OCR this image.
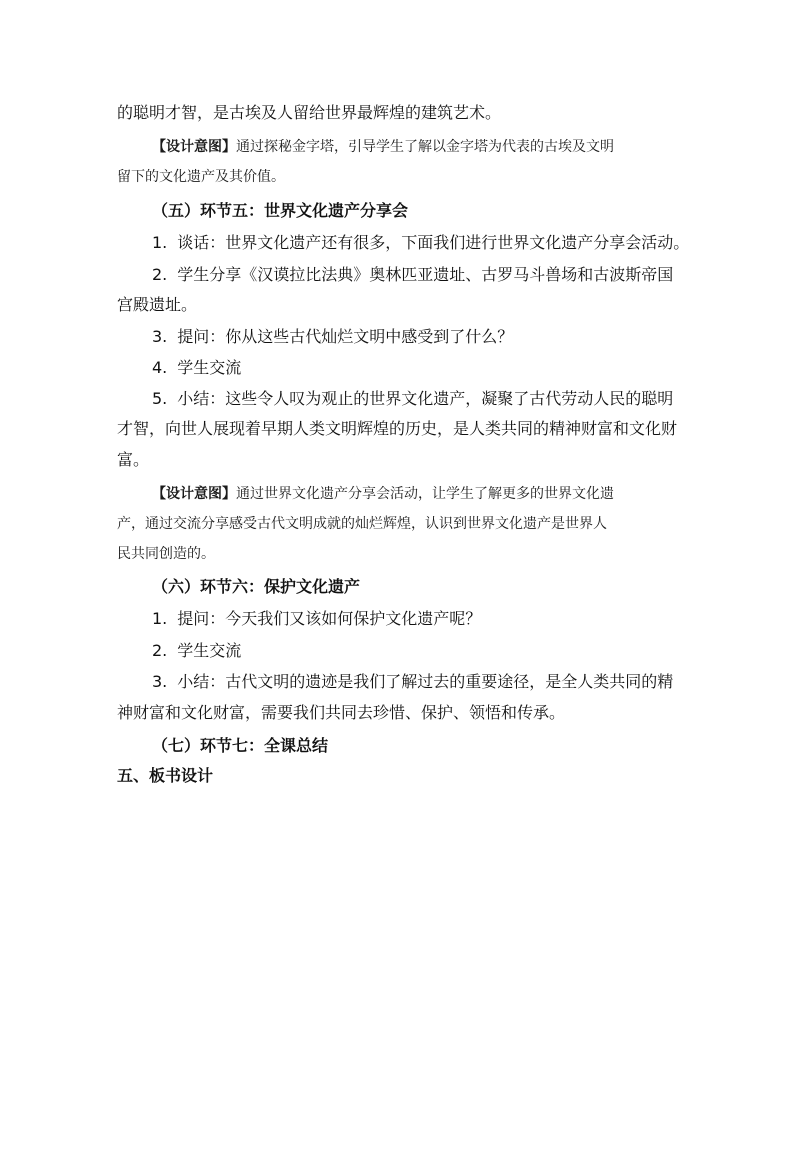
的聪明才智，是古埃及人留给世界最辉煌的建筑艺术。
【设计意图】通过探秘金字塔，引导学生了解以金字塔为代表的古埃及文明
留下的文化遗产及其价值。
（五）环节五：世界文化遗产分享会
1. 谈话：世界文化遗产还有很多，下面我们进行世界文化遗产分享会活动。
2. 学生分享《汉谟拉比法典》奥林匹亚遗址、古罗马斗兽场和古波斯帝国
宫殿遗址。
3. 提问：你从这些古代灿烂文明中感受到了什么？
4. 学生交流
5. 小结：这些令人叹为观止的世界文化遗产，凝聚了古代劳动人民的聪明
才智，向世人展现着早期人类文明辉煌的历史，是人类共同的精神财富和文化财
富。
【设计意图】通过世界文化遗产分享会活动，让学生了解更多的世界文化遗
产，通过交流分享感受古代文明成就的灿烂辉煌，认识到世界文化遗产是世界人
民共同创造的。
（六）环节六：保护文化遗产
1. 提问：今天我们又该如何保护文化遗产呢？
2. 学生交流
3. 小结：古代文明的遗迹是我们了解过去的重要途径，是全人类共同的精
神财富和文化财富，需要我们共同去珍惜、保护、领悟和传承。
（七）环节七：全课总结
五、板书设计
